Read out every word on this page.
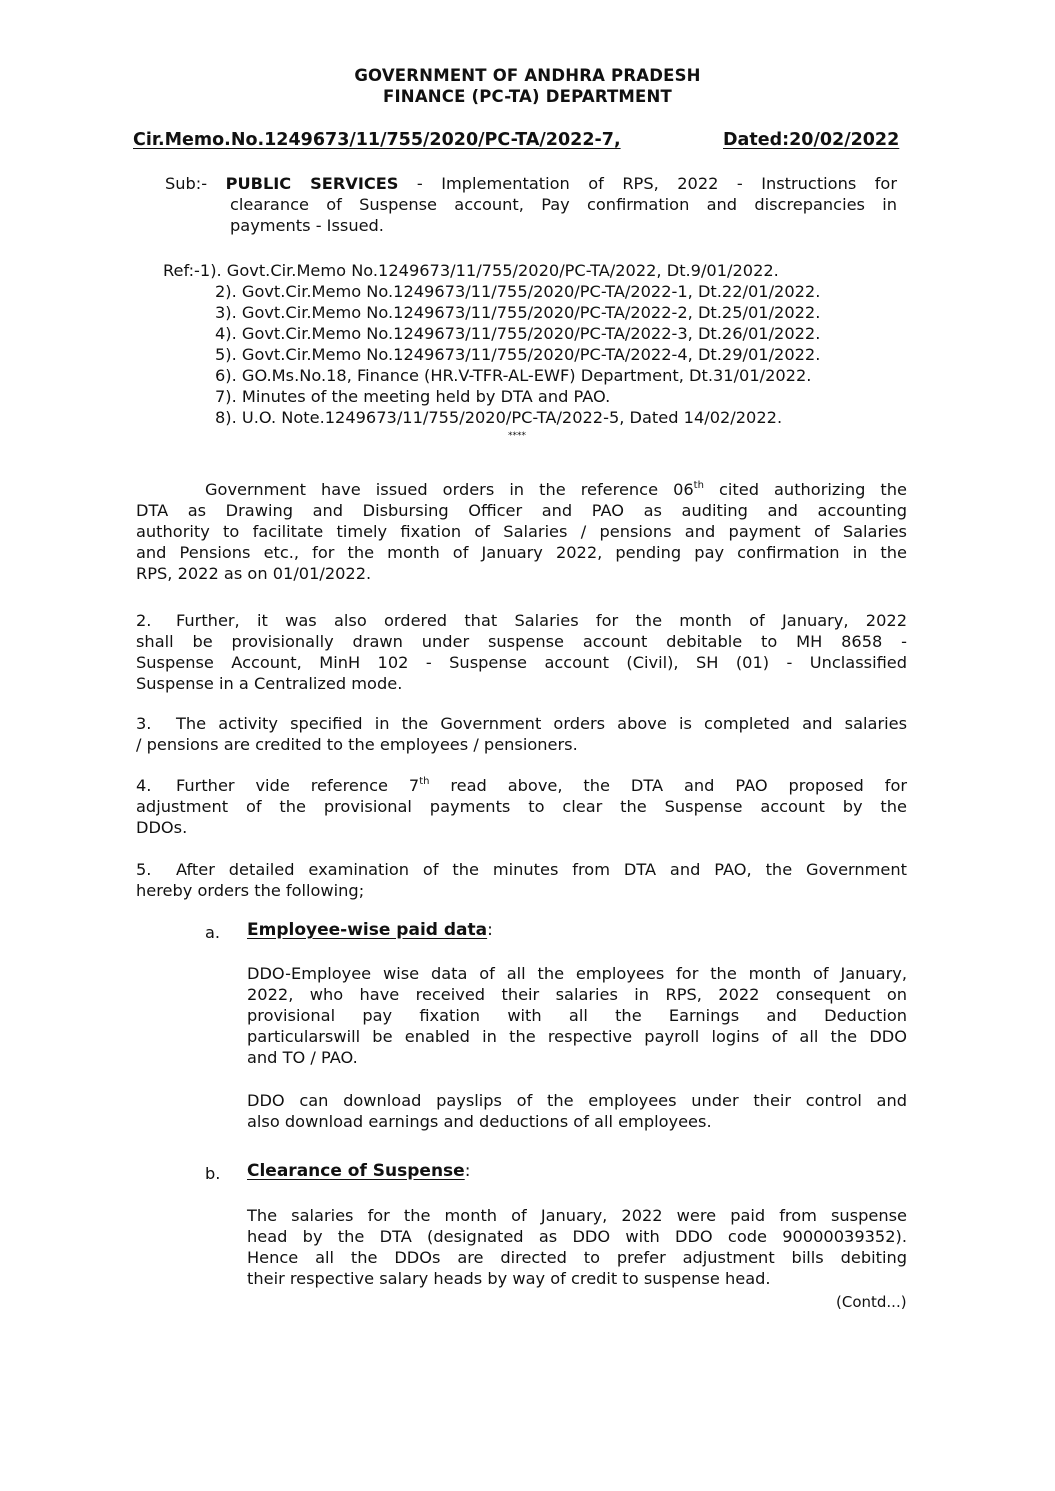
GOVERNMENT OF ANDHRA PRADESH
FINANCE (PC-TA) DEPARTMENT
Cir.Memo.No.1249673/11/755/2020/PC-TA/2022-7,	Dated:20/02/2022
Sub:- PUBLIC SERVICES - Implementation of RPS, 2022 - Instructions for
clearance of Suspense account, Pay confirmation and discrepancies in
payments - Issued.
Ref:-1). Govt.Cir.Memo No.1249673/11/755/2020/PC-TA/2022, Dt.9/01/2022.
2). Govt.Cir.Memo No.1249673/11/755/2020/PC-TA/2022-1, Dt.22/01/2022.
3). Govt.Cir.Memo No.1249673/11/755/2020/PC-TA/2022-2, Dt.25/01/2022.
4). Govt.Cir.Memo No.1249673/11/755/2020/PC-TA/2022-3, Dt.26/01/2022.
5). Govt.Cir.Memo No.1249673/11/755/2020/PC-TA/2022-4, Dt.29/01/2022.
6). GO.Ms.No.18, Finance (HR.V-TFR-AL-EWF) Department, Dt.31/01/2022.
7). Minutes of the meeting held by DTA and PAO.
8). U.O. Note.1249673/11/755/2020/PC-TA/2022-5, Dated 14/02/2022.
****
Government have issued orders in the reference 06th cited authorizing the
DTA as Drawing and Disbursing Officer and PAO as auditing and accounting
authority to facilitate timely fixation of Salaries / pensions and payment of Salaries
and Pensions etc., for the month of January 2022, pending pay confirmation in the
RPS, 2022 as on 01/01/2022.
2. Further, it was also ordered that Salaries for the month of January, 2022
shall be provisionally drawn under suspense account debitable to MH 8658 -
Suspense Account, MinH 102 - Suspense account (Civil), SH (01) - Unclassified
Suspense in a Centralized mode.
3. The activity specified in the Government orders above is completed and salaries
/ pensions are credited to the employees / pensioners.
4. Further vide reference 7th read above, the DTA and PAO proposed for
adjustment of the provisional payments to clear the Suspense account by the
DDOs.
5. After detailed examination of the minutes from DTA and PAO, the Government
hereby orders the following;
a. Employee-wise paid data:
DDO-Employee wise data of all the employees for the month of January,
2022, who have received their salaries in RPS, 2022 consequent on
provisional pay fixation with all the Earnings and Deduction
particularswill be enabled in the respective payroll logins of all the DDO
and TO / PAO.
DDO can download payslips of the employees under their control and
also download earnings and deductions of all employees.
b. Clearance of Suspense:
The salaries for the month of January, 2022 were paid from suspense
head by the DTA (designated as DDO with DDO code 90000039352).
Hence all the DDOs are directed to prefer adjustment bills debiting
their respective salary heads by way of credit to suspense head.
(Contd...)
